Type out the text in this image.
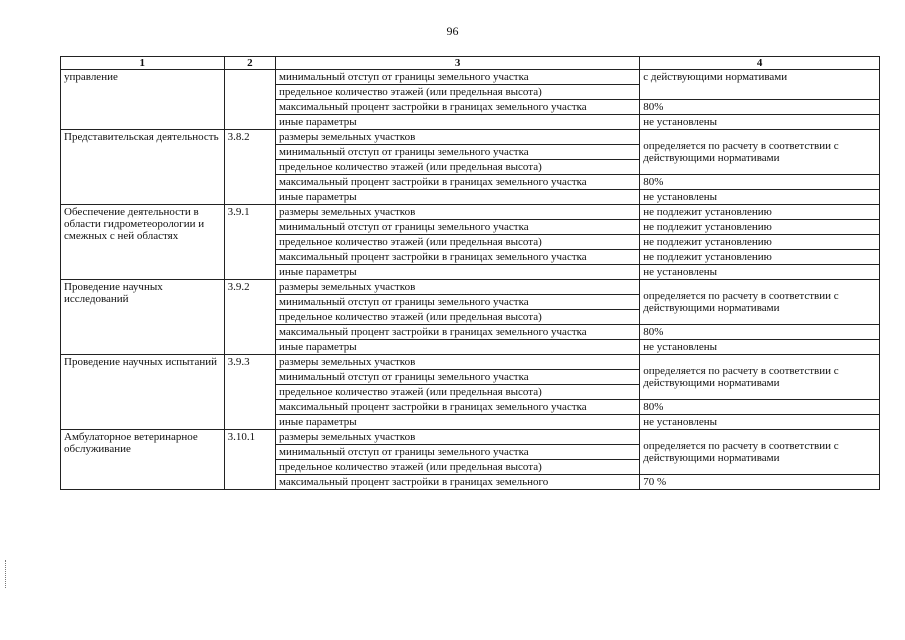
96
1	2	3	4
управление		минимальный отступ от границы земельного участка	с действующими нормативами
		предельное количество этажей (или предельная высота)	
		максимальный процент застройки в границах земельного участка	80%
		иные параметры	не установлены
Представительская деятельность	3.8.2	размеры земельных участков	определяется по расчету в соответствии с действующими нормативами
		минимальный отступ от границы земельного участка	
		предельное количество этажей (или предельная высота)	
		максимальный процент застройки в границах земельного участка	80%
		иные параметры	не установлены
Обеспечение деятельности в области гидрометеорологии и смежных с ней областях	3.9.1	размеры земельных участков	не подлежит установлению
		минимальный отступ от границы земельного участка	не подлежит установлению
		предельное количество этажей (или предельная высота)	не подлежит установлению
		максимальный процент застройки в границах земельного участка	не подлежит установлению
		иные параметры	не установлены
Проведение научных исследований	3.9.2	размеры земельных участков	определяется по расчету в соответствии с действующими нормативами
		минимальный отступ от границы земельного участка	
		предельное количество этажей (или предельная высота)	
		максимальный процент застройки в границах земельного участка	80%
		иные параметры	не установлены
Проведение научных испытаний	3.9.3	размеры земельных участков	определяется по расчету в соответствии с действующими нормативами
		минимальный отступ от границы земельного участка	
		предельное количество этажей (или предельная высота)	
		максимальный процент застройки в границах земельного участка	80%
		иные параметры	не установлены
Амбулаторное ветеринарное обслуживание	3.10.1	размеры земельных участков	определяется по расчету в соответствии с действующими нормативами
		минимальный отступ от границы земельного участка	
		предельное количество этажей (или предельная высота)	
		максимальный процент застройки в границах земельного	70 %
